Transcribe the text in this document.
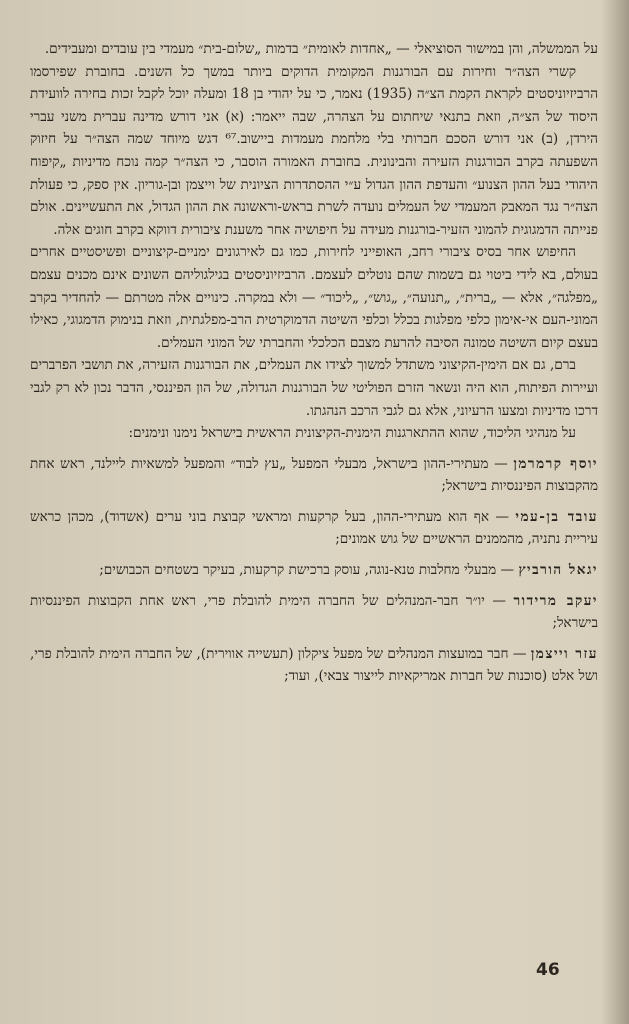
על הממשלה, והן במישור הסוציאלי — „אחדות לאומית״ בדמות „שלום-בית״ מעמדי בין עובדים ומעבידים.

קשרי הצה״ר וחירות עם הבורגנות המקומית הדוקים ביותר במשך כל השנים. בחוברת שפירסמו הרביזיוניסטים לקראת הקמת הצ״ה (1935) נאמר, כי על יהודי בן 18 ומעלה יוכל לקבל זכות בחירה לוועידת היסוד של הצ״ה, וזאת בתנאי שיחתום על הצהרה, שבה ייאמר: (א) אני דורש מדינה עברית משני עברי הירדן, (ב) אני דורש הסכם חברותי בלי מלחמת מעמדות ביישוב.⁶⁷ דגש מיוחד שמה הצה״ר על חיזוק השפעתה בקרב הבורגנות הזעירה והבינונית. בחוברת האמורה הוסבר, כי הצה״ר קמה נוכח מדיניות „קיפוח היהודי בעל ההון הצנוע״ והעדפת ההון הגדול ע״י ההסתדרות הציונית של וייצמן ובן-גוריון. אין ספק, כי פעולת הצה״ר נגד המאבק המעמדי של העמלים נועדה לשרת בראש-וראשונה את ההון הגדול, את התעשיינים. אולם פנייתה הדמגוגית להמוני הזעיר-בורגנות מעידה על חיפושיה אחר משענת ציבורית דווקא בקרב חוגים אלה.

החיפוש אחר בסיס ציבורי רחב, האופייני לחירות, כמו גם לאירגונים ימניים-קיצוניים ופשיסטיים אחרים בעולם, בא לידי ביטוי גם בשמות שהם נוטלים לעצמם. הרביזיוניסטים בגילגוליהם השונים אינם מכנים עצמם „מפלגה״, אלא — „ברית״, „תנועה״, „גוש״, „ליכוד״ — ולא במקרה. כינויים אלה מטרתם — להחדיר בקרב המוני-העם אי-אימון כלפי מפלגות בכלל וכלפי השיטה הדמוקרטית הרב-מפלגתית, וזאת בנימוק הדמגוגי, כאילו בעצם קיום השיטה טמונה הסיבה להרעת מצבם הכלכלי והחברתי של המוני העמלים.

ברם, גם אם הימין-הקיצוני משתדל למשוך לצידו את העמלים, את הבורגנות הזעירה, את תושבי הפרברים ועיירות הפיתוח, הוא היה ונשאר הזרם הפוליטי של הבורגנות הגדולה, של הון הפיננסי, הדבר נכון לא רק לגבי דרכו מדיניות ומצעו הרעיוני, אלא גם לגבי הרכב הנהגתו.

על מנהיגי הליכוד, שהוא ההתארגנות הימנית-הקיצונית הראשית בישראל נימנו ונימנים:

יוסף קרמרמן — מעתירי-ההון בישראל, מבעלי המפעל „עץ לבוד״ והמפעל למשאיות ליילנד, ראש אחת מהקבוצות הפיננסיות בישראל;

עובד בן-עמי — אף הוא מעתירי-ההון, בעל קרקעות ומראשי קבוצת בוני ערים (אשדוד), מכהן כראש עיריית נתניה, מהממנים הראשיים של גוש אמונים;

יגאל הורביץ — מבעלי מחלבות טנא-נוגה, עוסק ברכישת קרקעות, בעיקר בשטחים הכבושים;

יעקב מרידור — יו״ר חבר-המנהלים של החברה הימית להובלת פרי, ראש אחת הקבוצות הפיננסיות בישראל;

עזר וייצמן — חבר במועצות המנהלים של מפעל ציקלון (תעשייה אווירית), של החברה הימית להובלת פרי, ושל אלט (סוכנות של חברות אמריקאיות לייצור צבאי), ועוד;

46
